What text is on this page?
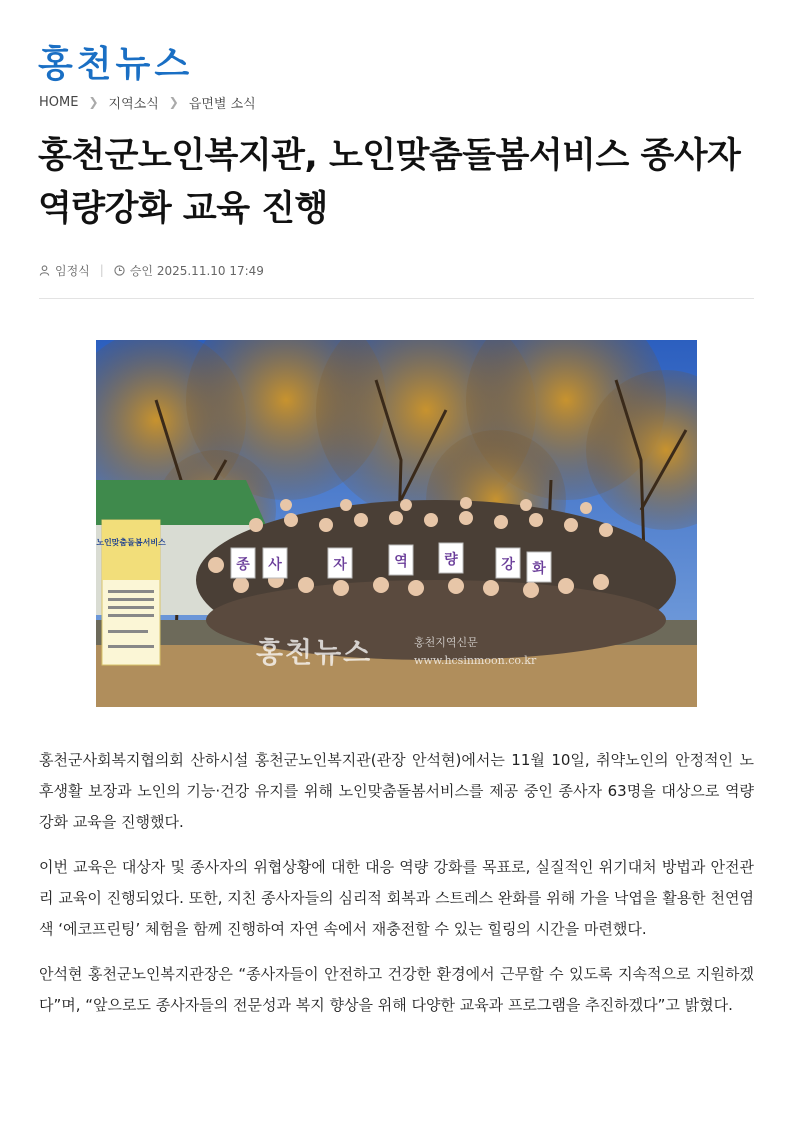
홍천뉴스
HOME ❯ 지역소식 ❯ 읍면별 소식
홍천군노인복지관, 노인맞춤돌봄서비스 종사자 역량강화 교육 진행
임정식 | 승인 2025.11.10 17:49
종 사	자	역	량	강 화
노인맞춤돌봄서비스
홍천뉴스	홍천지역신문
www.hcsinmoon.co.kr

홍천군사회복지협의회 산하시설 홍천군노인복지관(관장 안석현)에서는 11월 10일, 취약노인의 안정적인 노후생활 보장과 노인의 기능·건강 유지를 위해 노인맞춤돌봄서비스를 제공 중인 종사자 63명을 대상으로 역량강화 교육을 진행했다.

이번 교육은 대상자 및 종사자의 위협상황에 대한 대응 역량 강화를 목표로, 실질적인 위기대처 방법과 안전관리 교육이 진행되었다. 또한, 지친 종사자들의 심리적 회복과 스트레스 완화를 위해 가을 낙엽을 활용한 천연염색 ‘에코프린팅’ 체험을 함께 진행하여 자연 속에서 재충전할 수 있는 힐링의 시간을 마련했다.

안석현 홍천군노인복지관장은 “종사자들이 안전하고 건강한 환경에서 근무할 수 있도록 지속적으로 지원하겠다”며, “앞으로도 종사자들의 전문성과 복지 향상을 위해 다양한 교육과 프로그램을 추진하겠다”고 밝혔다.
